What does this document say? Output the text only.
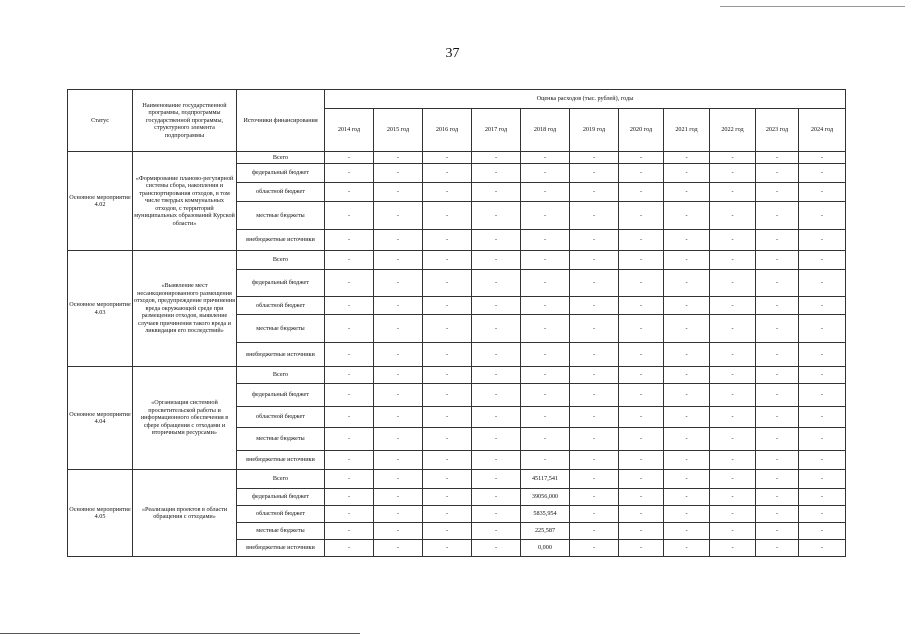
37
Статус	Наименование государственной программы, подпрограммы государственной программы, структурного элемента подпрограммы	Источники финансирования	Оценка расходов (тыс. рублей), годы										
			2014 год	2015 год	2016 год	2017 год	2018 год	2019 год	2020 год	2021 год	2022 год	2023 год	2024 год
Основное мероприятие 4.02	«Формирование планово-регулярной системы сбора, накопления и транспортирования отходов, в том числе твердых коммунальных отходов, с территорий муниципальных образований Курской области»	Всего	-	-	-	-	-	-	-	-	-	-	-
		федеральный бюджет	-	-	-	-	-	-	-	-	-	-	-
		областной бюджет	-	-	-	-	-	-	-	-	-	-	-
		местные бюджеты	-	-	-	-	-	-	-	-	-	-	-
		внебюджетные источники	-	-	-	-	-	-	-	-	-	-	-
Основное мероприятие 4.03	«Выявление мест несанкционированного размещения отходов, предупреждение причинения вреда окружающей среде при размещении отходов, выявление случаев причинения такого вреда и ликвидация его последствий»	Всего	-	-	-	-	-	-	-	-	-	-	-
		федеральный бюджет	-	-	-	-	-	-	-	-	-	-	-
		областной бюджет	-	-	-	-	-	-	-	-	-	-	-
		местные бюджеты	-	-	-	-	-	-	-	-	-	-	-
		внебюджетные источники	-	-	-	-	-	-	-	-	-	-	-
Основное мероприятие 4.04	«Организация системной просветительской работы и информационного обеспечения в сфере обращения с отходами и вторичными ресурсами»	Всего	-	-	-	-	-	-	-	-	-	-	-
		федеральный бюджет	-	-	-	-	-	-	-	-	-	-	-
		областной бюджет	-	-	-	-	-	-	-	-	-	-	-
		местные бюджеты	-	-	-	-	-	-	-	-	-	-	-
		внебюджетные источники	-	-	-	-	-	-	-	-	-	-	-
Основное мероприятие 4.05	«Реализация проектов в области обращения с отходами»	Всего	-	-	-	-	45117,541	-	-	-	-	-	-
		федеральный бюджет	-	-	-	-	39056,000	-	-	-	-	-	-
		областной бюджет	-	-	-	-	5835,954	-	-	-	-	-	-
		местные бюджеты	-	-	-	-	225,587	-	-	-	-	-	-
		внебюджетные источники	-	-	-	-	0,000	-	-	-	-	-	-
